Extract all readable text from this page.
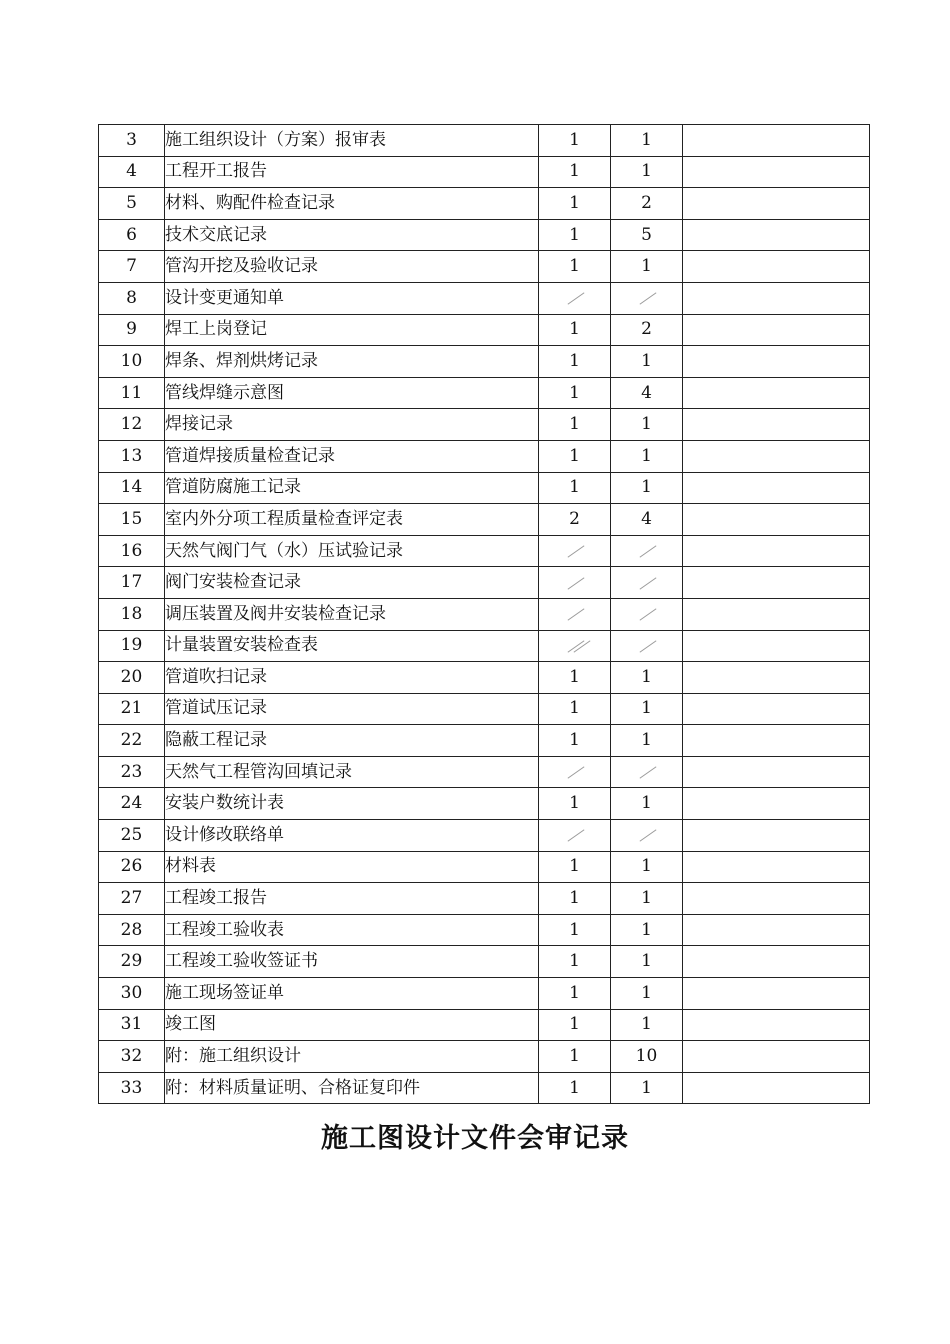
3	施工组织设计（方案）报审表	1	1	
4	工程开工报告	1	1	
5	材料、购配件检查记录	1	2	
6	技术交底记录	1	5	
7	管沟开挖及验收记录	1	1	
8	设计变更通知单			
9	焊工上岗登记	1	2	
10	焊条、焊剂烘烤记录	1	1	
11	管线焊缝示意图	1	4	
12	焊接记录	1	1	
13	管道焊接质量检查记录	1	1	
14	管道防腐施工记录	1	1	
15	室内外分项工程质量检查评定表	2	4	
16	天然气阀门气（水）压试验记录			
17	阀门安装检查记录			
18	调压装置及阀井安装检查记录			
19	计量装置安装检查表			
20	管道吹扫记录	1	1	
21	管道试压记录	1	1	
22	隐蔽工程记录	1	1	
23	天然气工程管沟回填记录			
24	安装户数统计表	1	1	
25	设计修改联络单			
26	材料表	1	1	
27	工程竣工报告	1	1	
28	工程竣工验收表	1	1	
29	工程竣工验收签证书	1	1	
30	施工现场签证单	1	1	
31	竣工图	1	1	
32	附：施工组织设计	1	10	
33	附：材料质量证明、合格证复印件	1	1	
施工图设计文件会审记录
